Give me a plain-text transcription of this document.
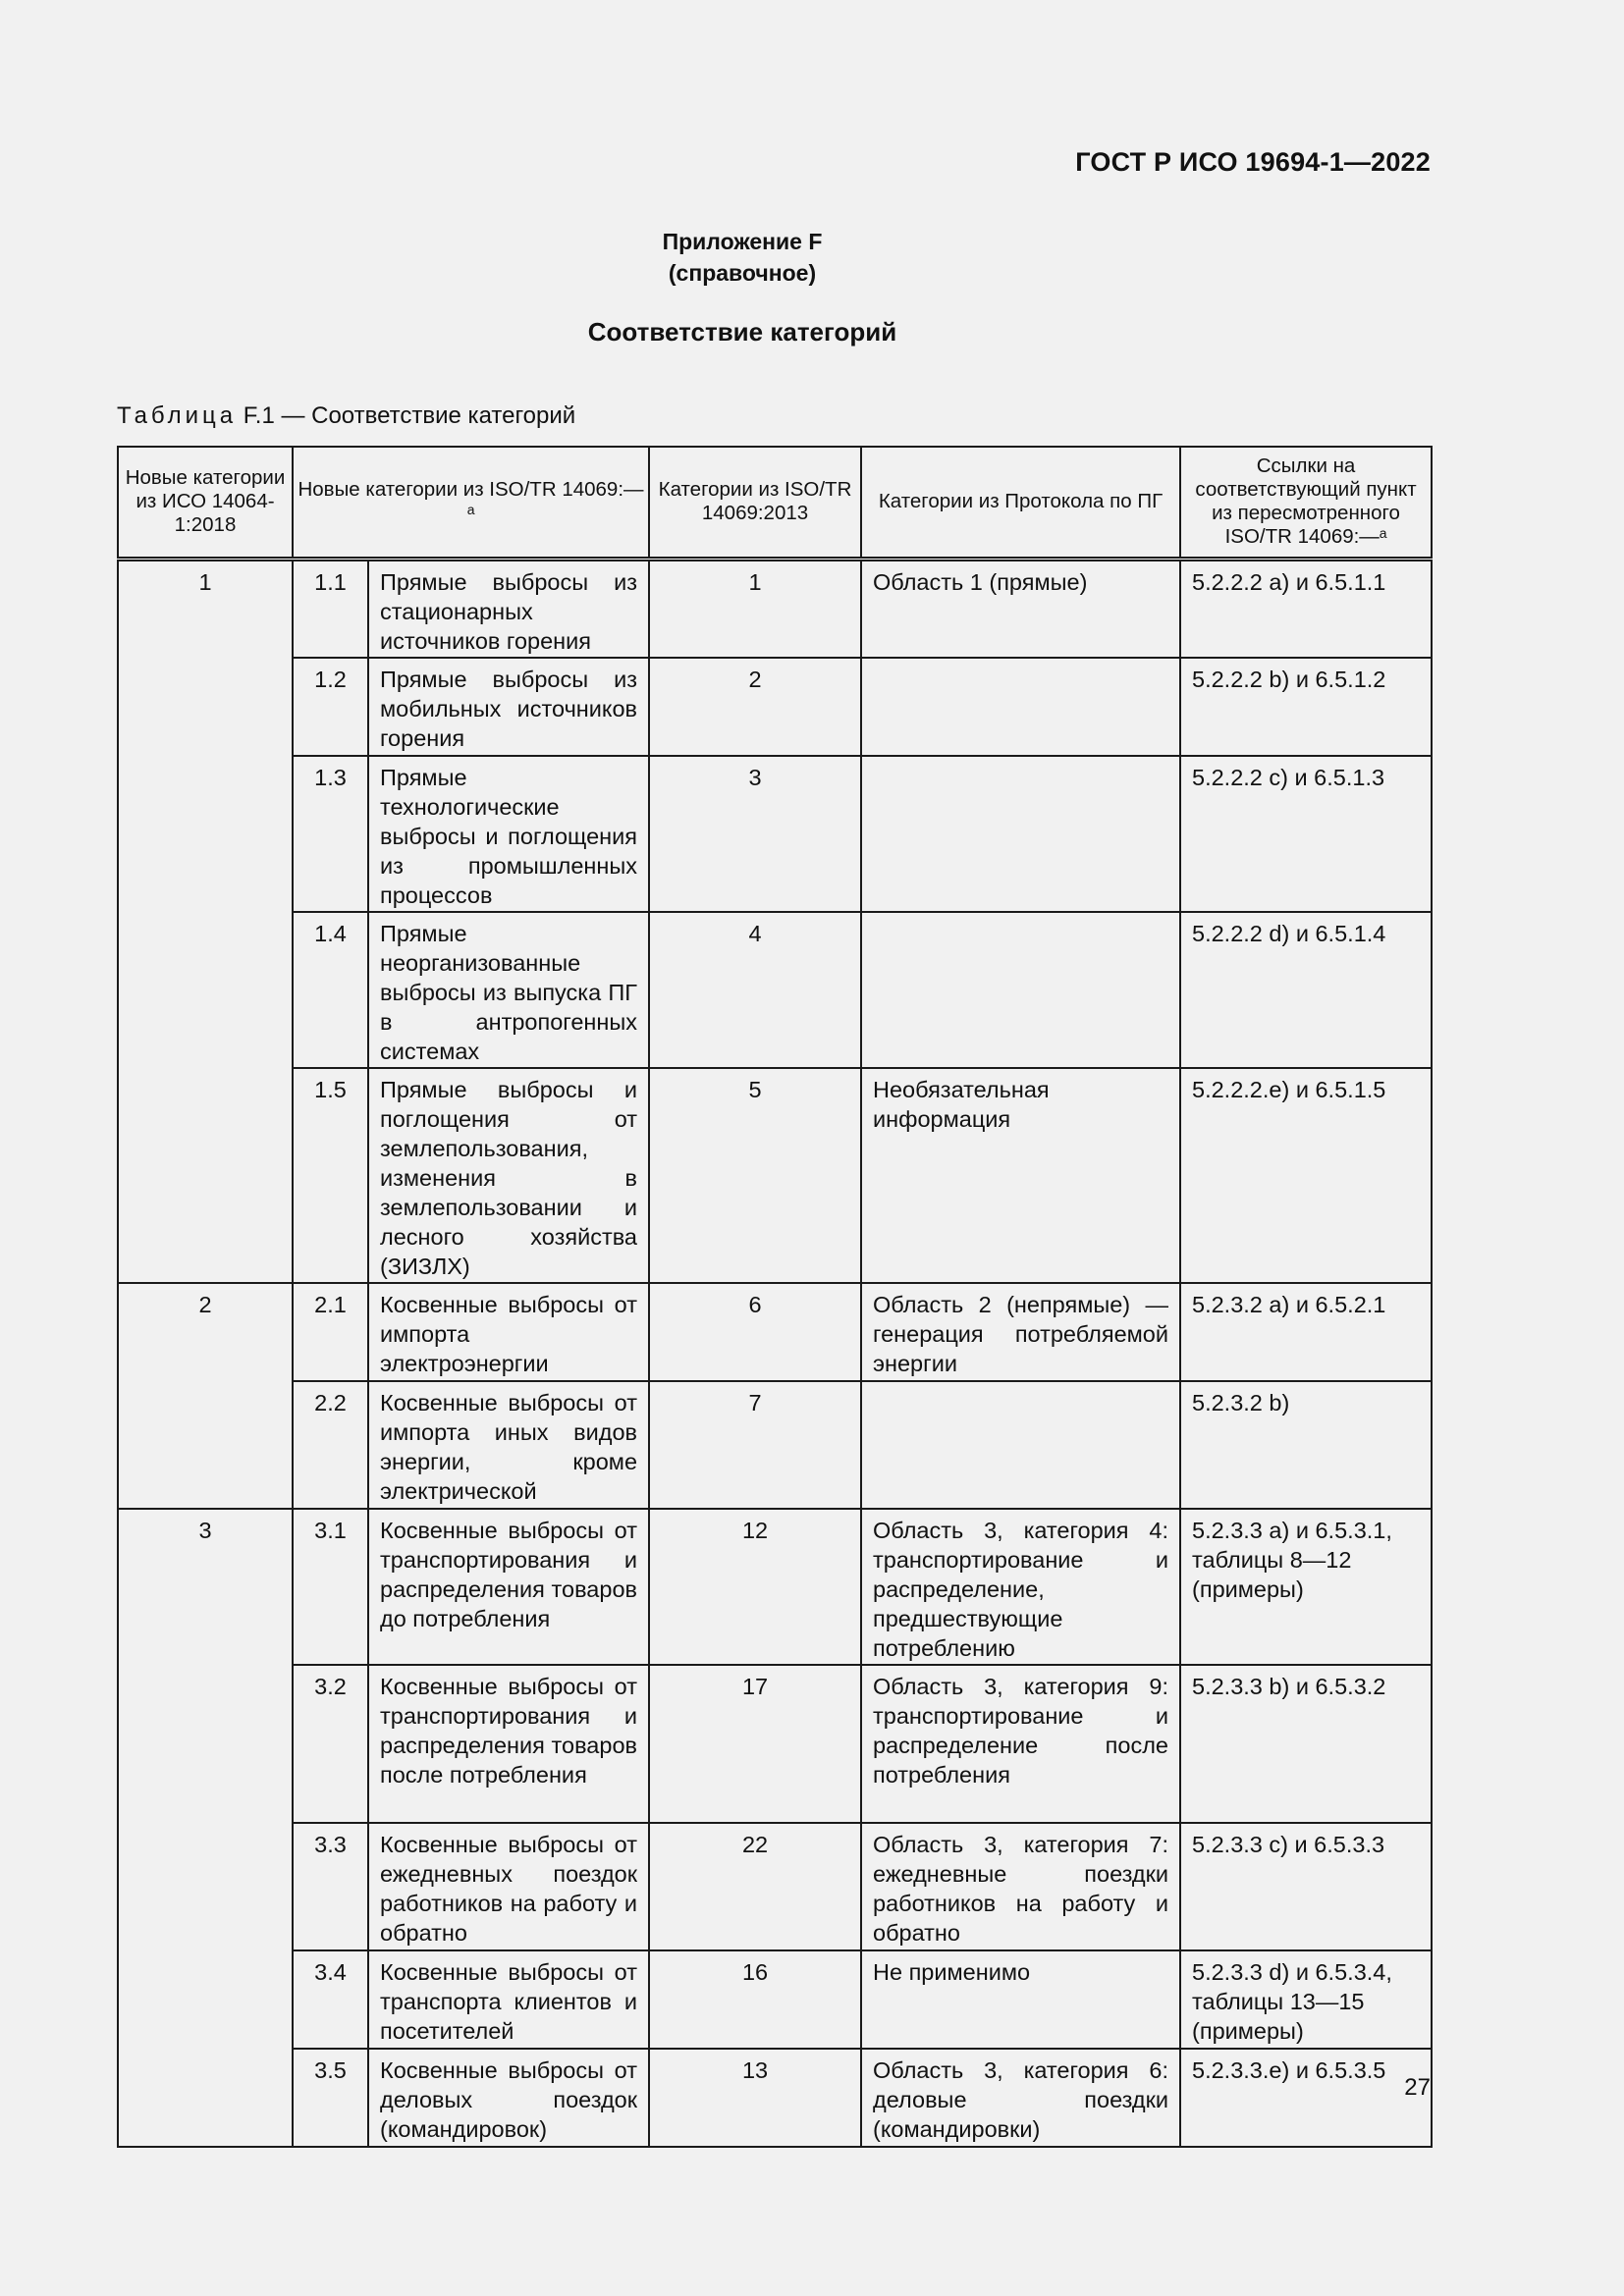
ГОСТ Р ИСО 19694-1—2022
Приложение F
(справочное)
Соответствие категорий
Таблица F.1 — Соответствие категорий
Новые категории из ИСО 14064-1:2018	Новые категории из ISO/TR 14069:—ᵃ		Категории из ISO/TR 14069:2013	Категории из Протокола по ПГ	Ссылки на соответствующий пункт из пересмотренного ISO/TR 14069:—ᵃ
1	1.1	Прямые выбросы из стационарных источников горения	1	Область 1 (прямые)	5.2.2.2 a) и 6.5.1.1
	1.2	Прямые выбросы из мобильных источников горения	2		5.2.2.2 b) и 6.5.1.2
	1.3	Прямые технологические выбросы и поглощения из промышленных процессов	3		5.2.2.2 c) и 6.5.1.3
	1.4	Прямые неорганизованные выбросы из выпуска ПГ в антропогенных системах	4		5.2.2.2 d) и 6.5.1.4
	1.5	Прямые выбросы и поглощения от землепользования, изменения в землепользовании и лесного хозяйства (ЗИЗЛХ)	5	Необязательная информация	5.2.2.2.е) и 6.5.1.5
2	2.1	Косвенные выбросы от импорта электроэнергии	6	Область 2 (непрямые) — генерация потребляемой энергии	5.2.3.2 a) и 6.5.2.1
	2.2	Косвенные выбросы от импорта иных видов энергии, кроме электрической	7		5.2.3.2 b)
3	3.1	Косвенные выбросы от транспортирования и распределения товаров до потребления	12	Область 3, категория 4: транспортирование и распределение, предшествующие потреблению	5.2.3.3 a) и 6.5.3.1, таблицы 8—12 (примеры)
	3.2	Косвенные выбросы от транспортирования и распределения товаров после потребления	17	Область 3, категория 9: транспортирование и распределение после потребления	5.2.3.3 b) и 6.5.3.2
	3.3	Косвенные выбросы от ежедневных поездок работников на работу и обратно	22	Область 3, категория 7: ежедневные поездки работников на работу и обратно	5.2.3.3 c) и 6.5.3.3
	3.4	Косвенные выбросы от транспорта клиентов и посетителей	16	Не применимо	5.2.3.3 d) и 6.5.3.4, таблицы 13—15 (примеры)
	3.5	Косвенные выбросы от деловых поездок (командировок)	13	Область 3, категория 6: деловые поездки (командировки)	5.2.3.3.е) и 6.5.3.5
27
